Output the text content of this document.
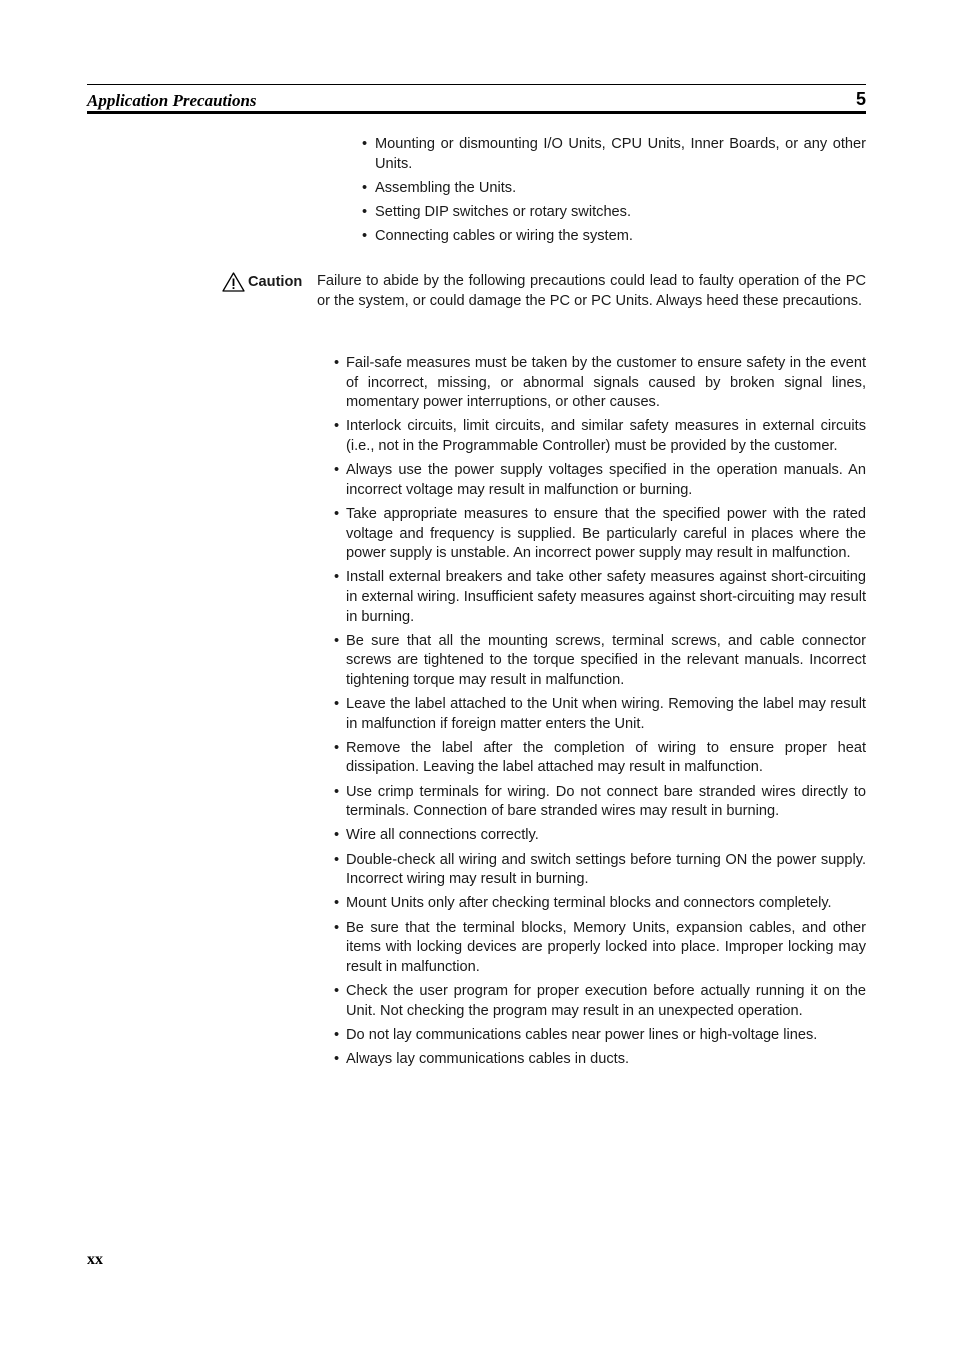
Application Precautions	5
• Mounting or dismounting I/O Units, CPU Units, Inner Boards, or any other Units.
• Assembling the Units.
• Setting DIP switches or rotary switches.
• Connecting cables or wiring the system.
Caution Failure to abide by the following precautions could lead to faulty operation of the PC or the system, or could damage the PC or PC Units. Always heed these precautions.

• Fail-safe measures must be taken by the customer to ensure safety in the event of incorrect, missing, or abnormal signals caused by broken signal lines, momentary power interruptions, or other causes.
• Interlock circuits, limit circuits, and similar safety measures in external circuits (i.e., not in the Programmable Controller) must be provided by the customer.
• Always use the power supply voltages specified in the operation manuals. An incorrect voltage may result in malfunction or burning.
• Take appropriate measures to ensure that the specified power with the rated voltage and frequency is supplied. Be particularly careful in places where the power supply is unstable. An incorrect power supply may result in malfunction.
• Install external breakers and take other safety measures against short-circuiting in external wiring. Insufficient safety measures against short-circuiting may result in burning.
• Be sure that all the mounting screws, terminal screws, and cable connector screws are tightened to the torque specified in the relevant manuals. Incorrect tightening torque may result in malfunction.
• Leave the label attached to the Unit when wiring. Removing the label may result in malfunction if foreign matter enters the Unit.
• Remove the label after the completion of wiring to ensure proper heat dissipation. Leaving the label attached may result in malfunction.
• Use crimp terminals for wiring. Do not connect bare stranded wires directly to terminals. Connection of bare stranded wires may result in burning.
• Wire all connections correctly.
• Double-check all wiring and switch settings before turning ON the power supply. Incorrect wiring may result in burning.
• Mount Units only after checking terminal blocks and connectors completely.
• Be sure that the terminal blocks, Memory Units, expansion cables, and other items with locking devices are properly locked into place. Improper locking may result in malfunction.
• Check the user program for proper execution before actually running it on the Unit. Not checking the program may result in an unexpected operation.
• Do not lay communications cables near power lines or high-voltage lines.
• Always lay communications cables in ducts.
xx
